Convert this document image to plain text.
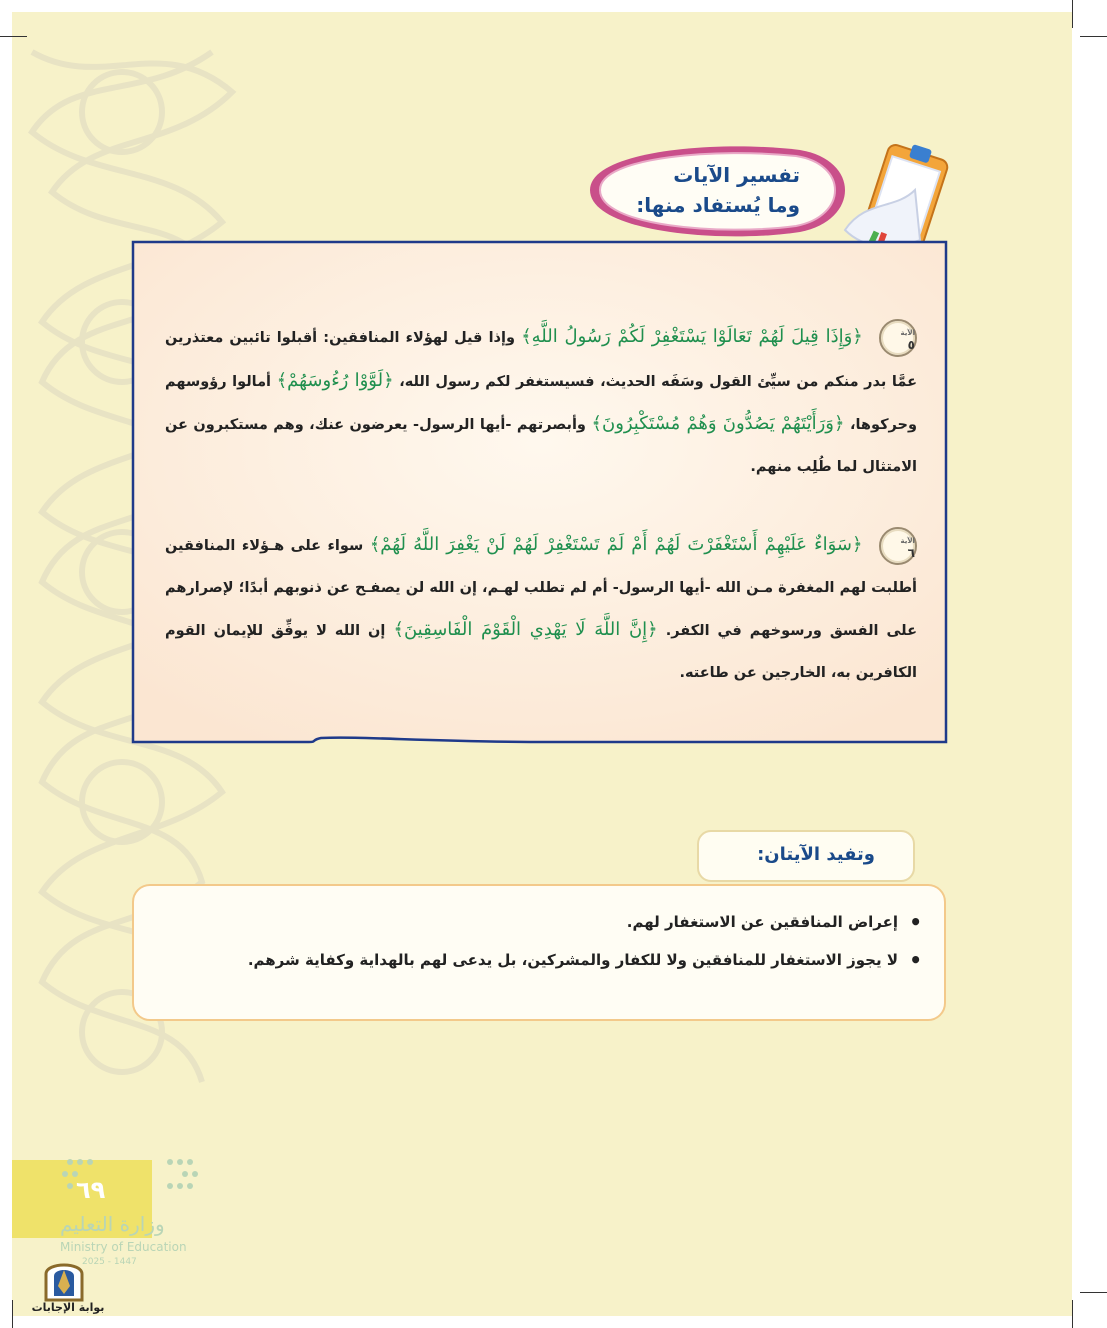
تفسير الآيات
وما يُستفاد منها:
الآية
٥ ﴿وَإِذَا قِيلَ لَهُمْ تَعَالَوْا يَسْتَغْفِرْ لَكُمْ رَسُولُ اللَّهِ﴾ وإذا قيل لهؤلاء المنافقين: أقبلوا تائبين معتذرين عمَّا بدر منكم من سيِّئ القول وسَفَه الحديث، فسيستغفر لكم رسول الله، ﴿لَوَّوْا رُءُوسَهُمْ﴾ أمالوا رؤوسهم وحركوها، ﴿وَرَأَيْتَهُمْ يَصُدُّونَ وَهُمْ مُسْتَكْبِرُونَ﴾ وأبصرتهم -أيها الرسول- يعرضون عنك، وهم مستكبرون عن الامتثال لما طُلِب منهم.
الآية
٦ ﴿سَوَاءٌ عَلَيْهِمْ أَسْتَغْفَرْتَ لَهُمْ أَمْ لَمْ تَسْتَغْفِرْ لَهُمْ لَنْ يَغْفِرَ اللَّهُ لَهُمْ﴾ سواء على هـؤلاء المنافقين أطلبت لهم المغفرة مـن الله -أيها الرسول- أم لم تطلب لهـم، إن الله لن يصفـح عن ذنوبهم أبدًا؛ لإصرارهم على الفسق ورسوخهم في الكفر. ﴿إِنَّ اللَّهَ لَا يَهْدِي الْقَوْمَ الْفَاسِقِينَ﴾ إن الله لا يوفِّق للإيمان القوم الكافرين به، الخارجين عن طاعته.
وتفيد الآيتان:
• إعراض المنافقين عن الاستغفار لهم.
• لا يجوز الاستغفار للمنافقين ولا للكفار والمشركين، بل يدعى لهم بالهداية وكفاية شرهم.
٦٩
وزارة التعليم
Ministry of Education
2025 - 1447
بوابة الإجابات
